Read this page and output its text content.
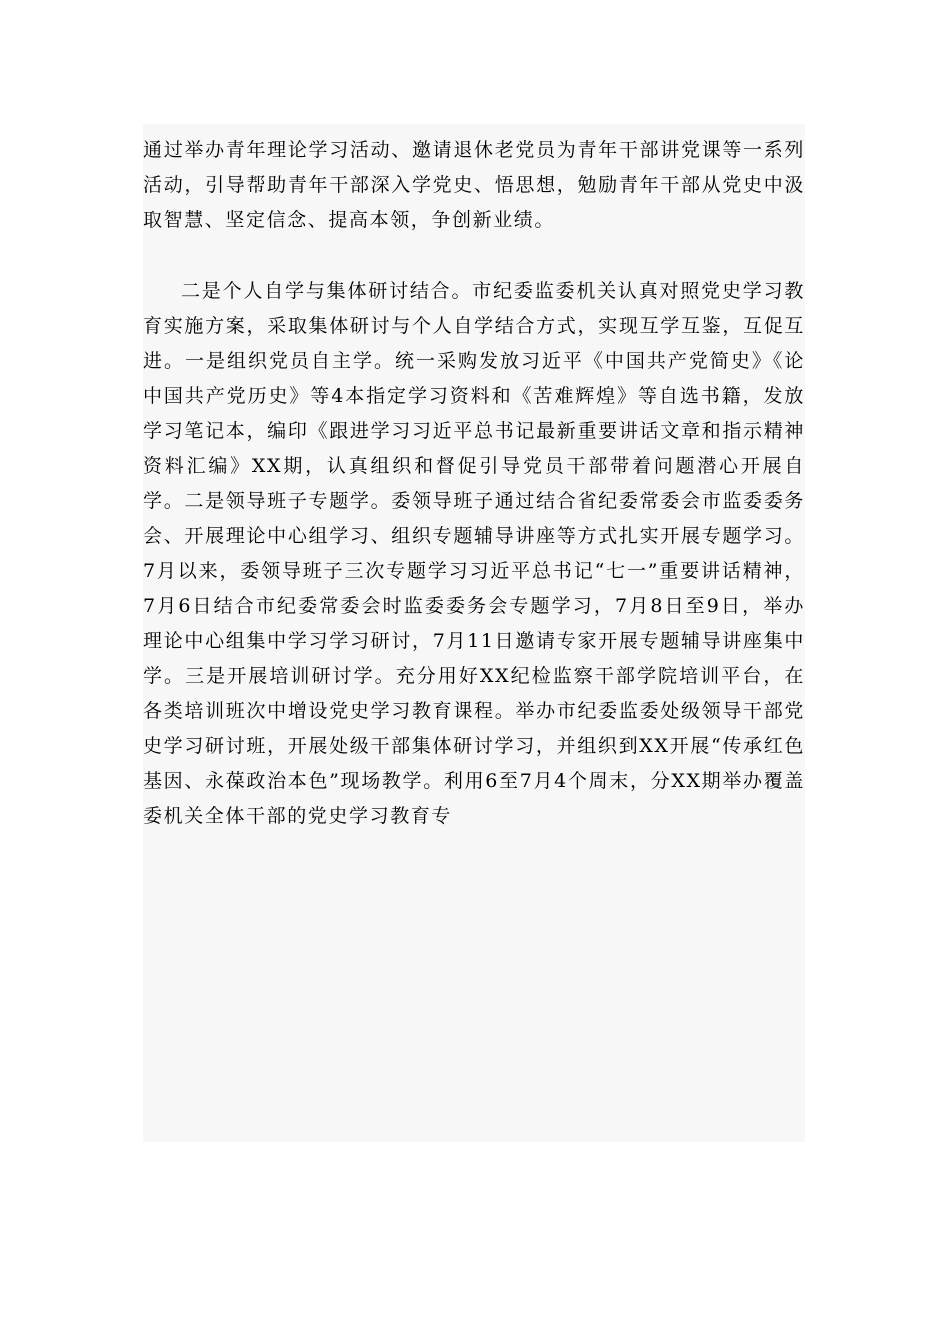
通过举办青年理论学习活动、邀请退休老党员为青年干部讲党课等一系列活动，引导帮助青年干部深入学党史、悟思想，勉励青年干部从党史中汲取智慧、坚定信念、提高本领，争创新业绩。

二是个人自学与集体研讨结合。市纪委监委机关认真对照党史学习教育实施方案，采取集体研讨与个人自学结合方式，实现互学互鉴，互促互进。一是组织党员自主学。统一采购发放习近平《中国共产党简史》《论中国共产党历史》等4本指定学习资料和《苦难辉煌》等自选书籍，发放学习笔记本，编印《跟进学习习近平总书记最新重要讲话文章和指示精神资料汇编》XX期，认真组织和督促引导党员干部带着问题潜心开展自学。二是领导班子专题学。委领导班子通过结合省纪委常委会市监委委务会、开展理论中心组学习、组织专题辅导讲座等方式扎实开展专题学习。7月以来，委领导班子三次专题学习习近平总书记“七一”重要讲话精神，7月6日结合市纪委常委会时监委委务会专题学习，7月8日至9日，举办理论中心组集中学习学习研讨，7月11日邀请专家开展专题辅导讲座集中学。三是开展培训研讨学。充分用好XX纪检监察干部学院培训平台，在各类培训班次中增设党史学习教育课程。举办市纪委监委处级领导干部党史学习研讨班，开展处级干部集体研讨学习，并组织到XX开展“传承红色基因、永葆政治本色”现场教学。利用6至7月4个周末，分XX期举办覆盖委机关全体干部的党史学习教育专
